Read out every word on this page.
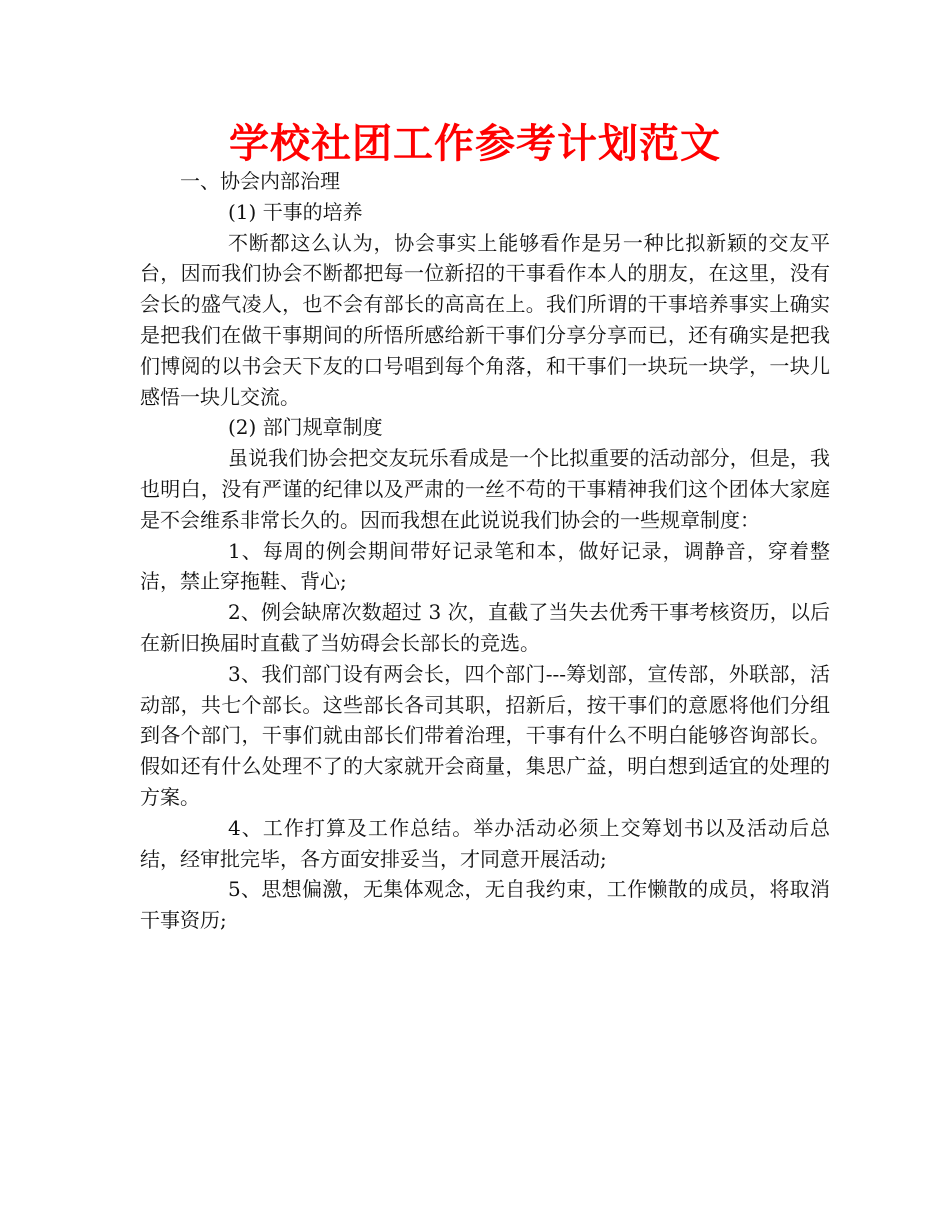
学校社团工作参考计划范文

一、协会内部治理

(1) 干事的培养

不断都这么认为，协会事实上能够看作是另一种比拟新颖的交友平台，因而我们协会不断都把每一位新招的干事看作本人的朋友，在这里，没有会长的盛气凌人，也不会有部长的高高在上。我们所谓的干事培养事实上确实是把我们在做干事期间的所悟所感给新干事们分享分享而已，还有确实是把我们博阅的以书会天下友的口号唱到每个角落，和干事们一块玩一块学，一块儿感悟一块儿交流。

(2) 部门规章制度

虽说我们协会把交友玩乐看成是一个比拟重要的活动部分，但是，我也明白，没有严谨的纪律以及严肃的一丝不苟的干事精神我们这个团体大家庭是不会维系非常长久的。因而我想在此说说我们协会的一些规章制度：

1、每周的例会期间带好记录笔和本，做好记录，调静音，穿着整洁，禁止穿拖鞋、背心;

2、例会缺席次数超过 3 次，直截了当失去优秀干事考核资历，以后在新旧换届时直截了当妨碍会长部长的竞选。

3、我们部门设有两会长，四个部门---筹划部，宣传部，外联部，活动部，共七个部长。这些部长各司其职，招新后，按干事们的意愿将他们分组到各个部门，干事们就由部长们带着治理，干事有什么不明白能够咨询部长。假如还有什么处理不了的大家就开会商量，集思广益，明白想到适宜的处理的方案。

4、工作打算及工作总结。举办活动必须上交筹划书以及活动后总结，经审批完毕，各方面安排妥当，才同意开展活动;

5、思想偏激，无集体观念，无自我约束，工作懒散的成员，将取消干事资历;
